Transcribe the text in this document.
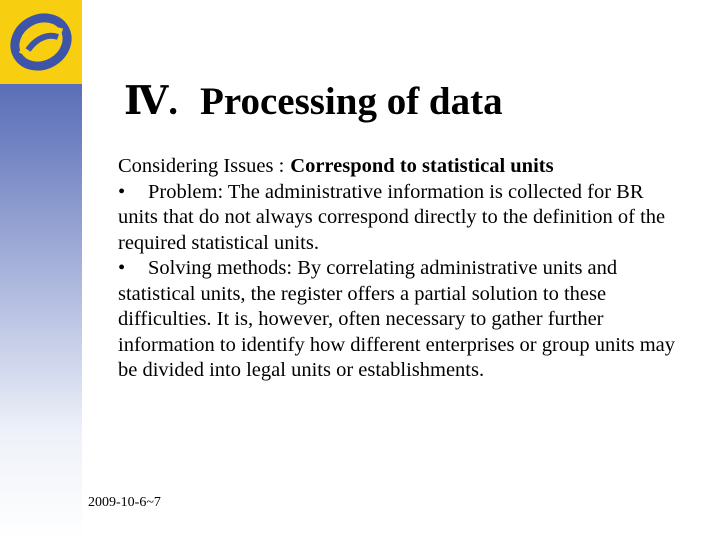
Ⅳ. Processing of data

Considering Issues : Correspond to statistical units

• Problem: The administrative information is collected for BR units that do not always correspond directly to the definition of the required statistical units.

• Solving methods: By correlating administrative units and statistical units, the register offers a partial solution to these difficulties. It is, however, often necessary to gather further information to identify how different enterprises or group units may be divided into legal units or establishments.

2009-10-6~7
